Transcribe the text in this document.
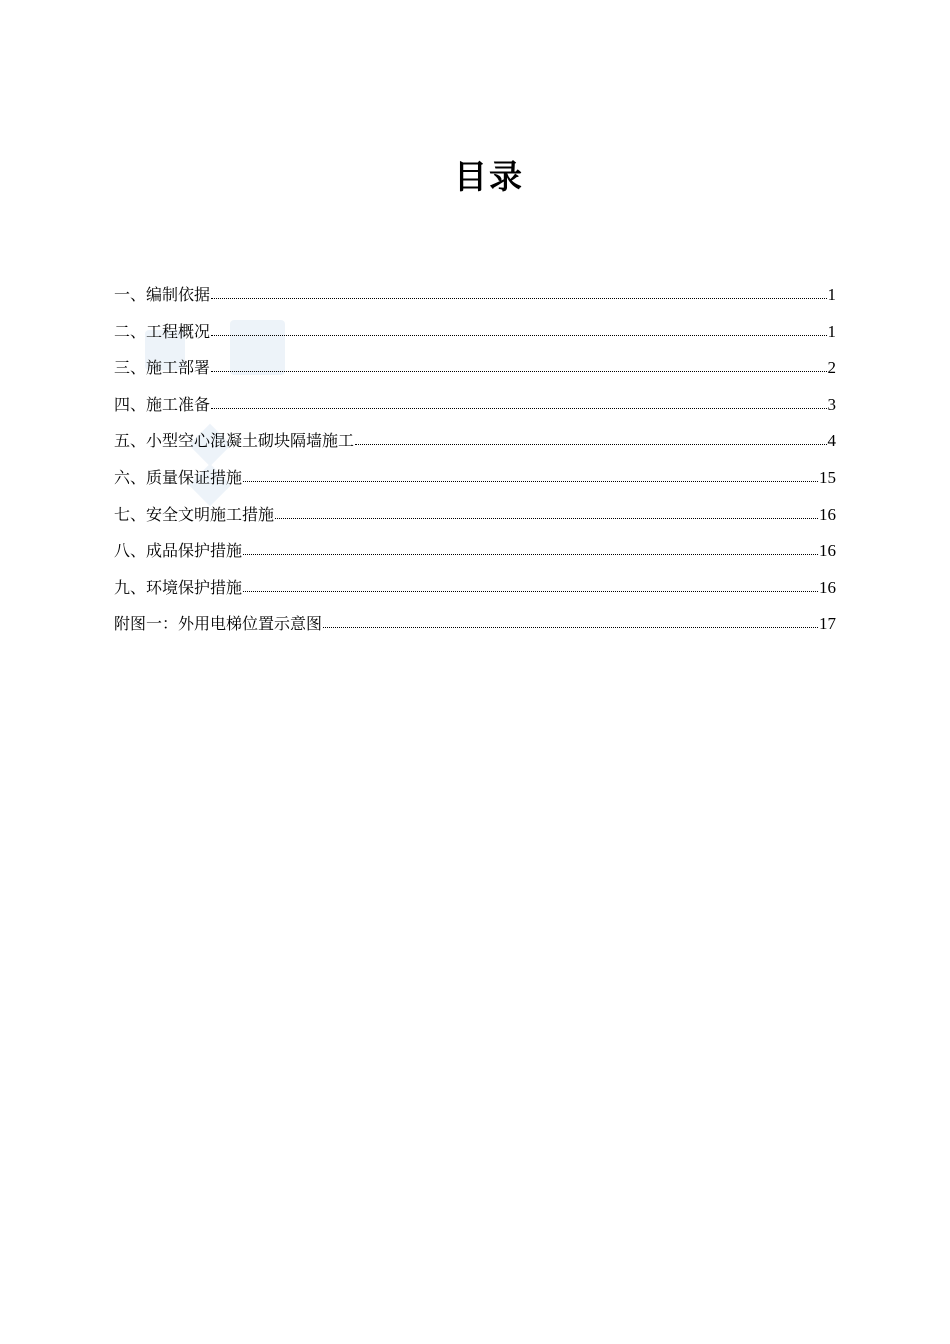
目录
一、编制依据	1
二、工程概况	1
三、施工部署	2
四、施工准备	3
五、小型空心混凝土砌块隔墙施工	4
六、质量保证措施	15
七、安全文明施工措施	16
八、成品保护措施	16
九、环境保护措施	16
附图一：外用电梯位置示意图	17
